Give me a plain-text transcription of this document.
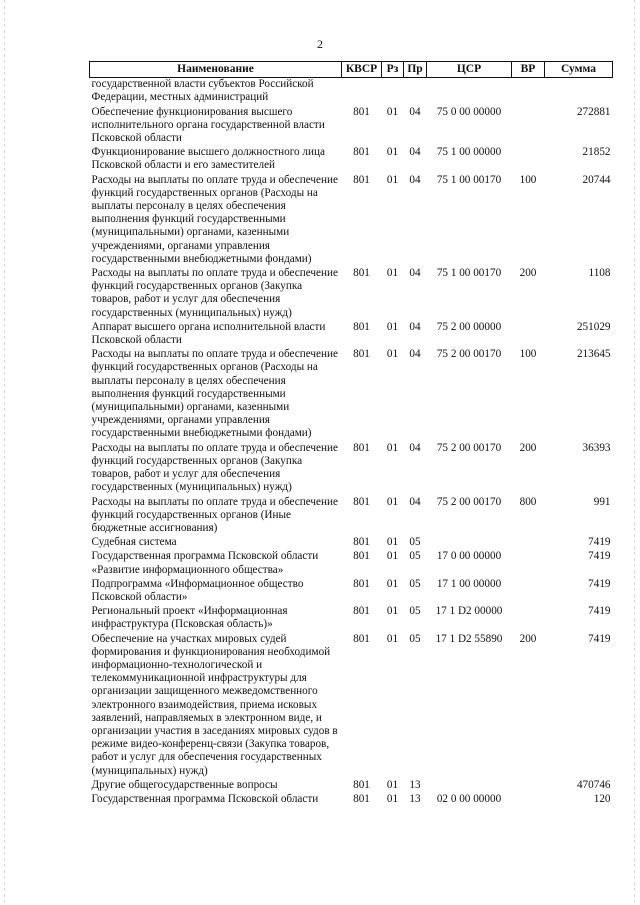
2
Наименование	КВСР	Рз	Пр	ЦСР	ВР	Сумма
государственной власти субъектов Российской Федерации, местных администраций						
Обеспечение функционирования высшего исполнительного органа государственной власти Псковской области	801	01	04	75 0 00 00000		272881
Функционирование высшего должностного лица Псковской области и его заместителей	801	01	04	75 1 00 00000		21852
Расходы на выплаты по оплате труда и обеспечение функций государственных органов (Расходы на выплаты персоналу в целях обеспечения выполнения функций государственными (муниципальными) органами, казенными учреждениями, органами управления государственными внебюджетными фондами)	801	01	04	75 1 00 00170	100	20744
Расходы на выплаты по оплате труда и обеспечение функций государственных органов (Закупка товаров, работ и услуг для обеспечения государственных (муниципальных) нужд)	801	01	04	75 1 00 00170	200	1108
Аппарат высшего органа исполнительной власти Псковской области	801	01	04	75 2 00 00000		251029
Расходы на выплаты по оплате труда и обеспечение функций государственных органов (Расходы на выплаты персоналу в целях обеспечения выполнения функций государственными (муниципальными) органами, казенными учреждениями, органами управления государственными внебюджетными фондами)	801	01	04	75 2 00 00170	100	213645
Расходы на выплаты по оплате труда и обеспечение функций государственных органов (Закупка товаров, работ и услуг для обеспечения государственных (муниципальных) нужд)	801	01	04	75 2 00 00170	200	36393
Расходы на выплаты по оплате труда и обеспечение функций государственных органов (Иные бюджетные ассигнования)	801	01	04	75 2 00 00170	800	991
Судебная система	801	01	05			7419
Государственная программа Псковской области «Развитие информационного общества»	801	01	05	17 0 00 00000		7419
Подпрограмма «Информационное общество Псковской области»	801	01	05	17 1 00 00000		7419
Региональный проект «Информационная инфраструктура (Псковская область)»	801	01	05	17 1 D2 00000		7419
Обеспечение на участках мировых судей формирования и функционирования необходимой информационно-технологической и телекоммуникационной инфраструктуры для организации защищенного межведомственного электронного взаимодействия, приема исковых заявлений, направляемых в электронном виде, и организации участия в заседаниях мировых судов в режиме видео-конференц-связи (Закупка товаров, работ и услуг для обеспечения государственных (муниципальных) нужд)	801	01	05	17 1 D2 55890	200	7419
Другие общегосударственные вопросы	801	01	13			470746
Государственная программа Псковской области	801	01	13	02 0 00 00000		120
